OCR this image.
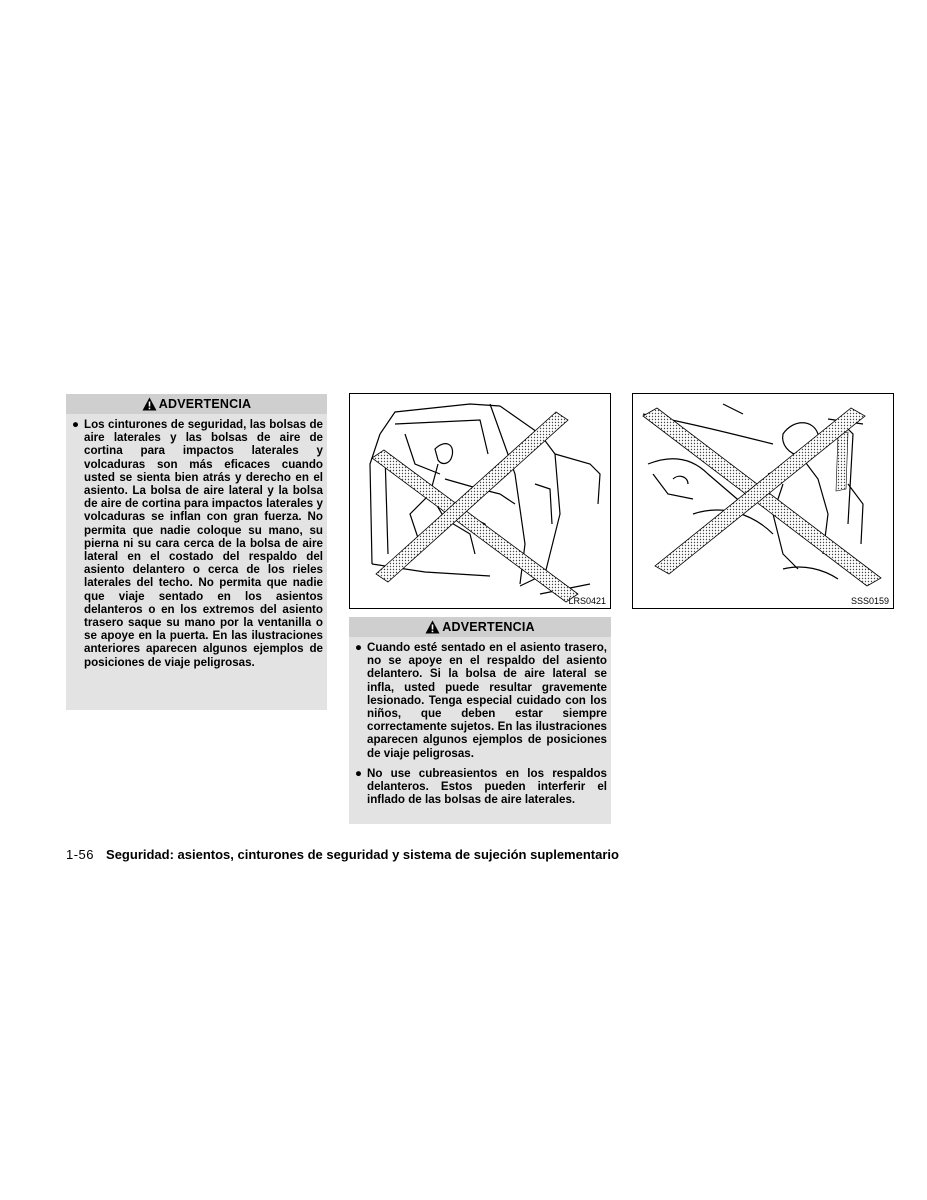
ADVERTENCIA
● Los cinturones de seguridad, las bolsas de aire laterales y las bolsas de aire de cortina para impactos laterales y volcaduras son más eficaces cuando usted se sienta bien atrás y derecho en el asiento. La bolsa de aire lateral y la bolsa de aire de cortina para impactos laterales y volcaduras se inflan con gran fuerza. No permita que nadie coloque su mano, su pierna ni su cara cerca de la bolsa de aire lateral en el costado del respaldo del asiento delantero o cerca de los rieles laterales del techo. No permita que nadie que viaje sentado en los asientos delanteros o en los extremos del asiento trasero saque su mano por la ventanilla o se apoye en la puerta. En las ilustraciones anteriores aparecen algunos ejemplos de posiciones de viaje peligrosas.
LRS0421	SSS0159
ADVERTENCIA
● Cuando esté sentado en el asiento trasero, no se apoye en el respaldo del asiento delantero. Si la bolsa de aire lateral se infla, usted puede resultar gravemente lesionado. Tenga especial cuidado con los niños, que deben estar siempre correctamente sujetos. En las ilustraciones aparecen algunos ejemplos de posiciones de viaje peligrosas.
● No use cubreasientos en los respaldos delanteros. Estos pueden interferir el inflado de las bolsas de aire laterales.
1-56 Seguridad: asientos, cinturones de seguridad y sistema de sujeción suplementario
